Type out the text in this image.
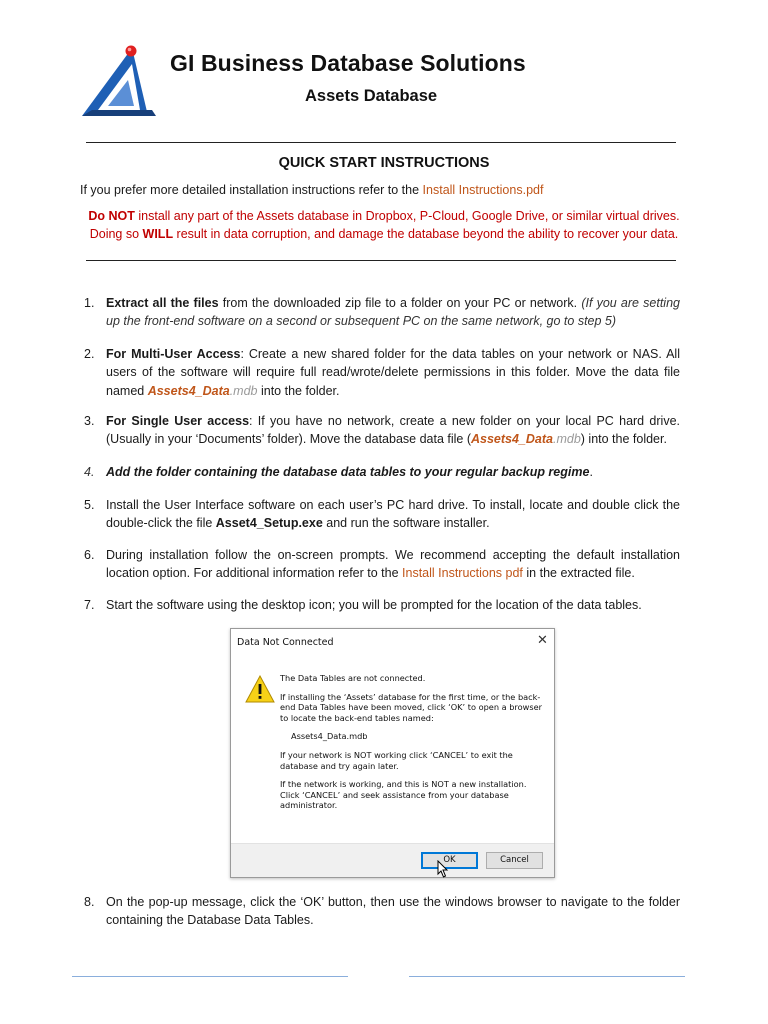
GI Business Database Solutions
Assets Database
QUICK START INSTRUCTIONS
If you prefer more detailed installation instructions refer to the Install Instructions.pdf
Do NOT install any part of the Assets database in Dropbox, P-Cloud, Google Drive, or similar virtual drives.
Doing so WILL result in data corruption, and damage the database beyond the ability to recover your data.
1. Extract all the files from the downloaded zip file to a folder on your PC or network. (If you are setting up the front-end software on a second or subsequent PC on the same network, go to step 5)
2. For Multi-User Access: Create a new shared folder for the data tables on your network or NAS. All users of the software will require full read/wrote/delete permissions in this folder. Move the data file named Assets4_Data.mdb into the folder.
3. For Single User access: If you have no network, create a new folder on your local PC hard drive. (Usually in your ‘Documents’ folder). Move the database data file (Assets4_Data.mdb) into the folder.
4. Add the folder containing the database data tables to your regular backup regime.
5. Install the User Interface software on each user’s PC hard drive. To install, locate and double click the double-click the file Asset4_Setup.exe and run the software installer.
6. During installation follow the on-screen prompts. We recommend accepting the default installation location option. For additional information refer to the Install Instructions pdf in the extracted file.
7. Start the software using the desktop icon; you will be prompted for the location of the data tables.
Data Not Connected	✕

The Data Tables are not connected.

If installing the ‘Assets’ database for the first time, or the back-end Data Tables have been moved, click ‘OK’ to open a browser to locate the back-end tables named:

Assets4_Data.mdb

If your network is NOT working click ‘CANCEL’ to exit the database and try again later.

If the network is working, and this is NOT a new installation. Click ‘CANCEL’ and seek assistance from your database administrator.

OK	Cancel
8. On the pop-up message, click the ‘OK’ button, then use the windows browser to navigate to the folder containing the Database Data Tables.
